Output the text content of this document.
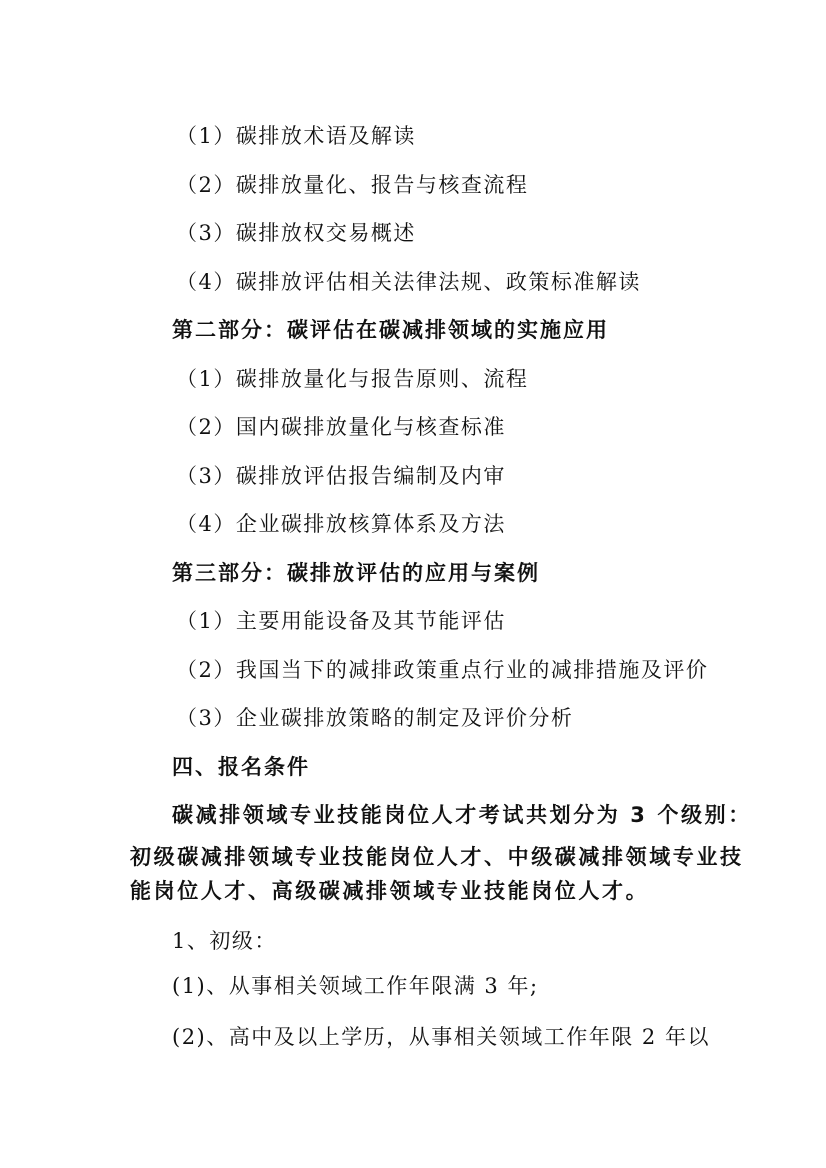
（1）碳排放术语及解读
（2）碳排放量化、报告与核查流程
（3）碳排放权交易概述
（4）碳排放评估相关法律法规、政策标准解读
第二部分：碳评估在碳减排领域的实施应用
（1）碳排放量化与报告原则、流程
（2）国内碳排放量化与核查标准
（3）碳排放评估报告编制及内审
（4）企业碳排放核算体系及方法
第三部分：碳排放评估的应用与案例
（1）主要用能设备及其节能评估
（2）我国当下的减排政策重点行业的减排措施及评价
（3）企业碳排放策略的制定及评价分析
四、报名条件
碳减排领域专业技能岗位人才考试共划分为 3 个级别：
初级碳减排领域专业技能岗位人才、中级碳减排领域专业技
能岗位人才、高级碳减排领域专业技能岗位人才。
1、初级：
(1)、从事相关领域工作年限满 3 年;
(2)、高中及以上学历，从事相关领域工作年限 2 年以
